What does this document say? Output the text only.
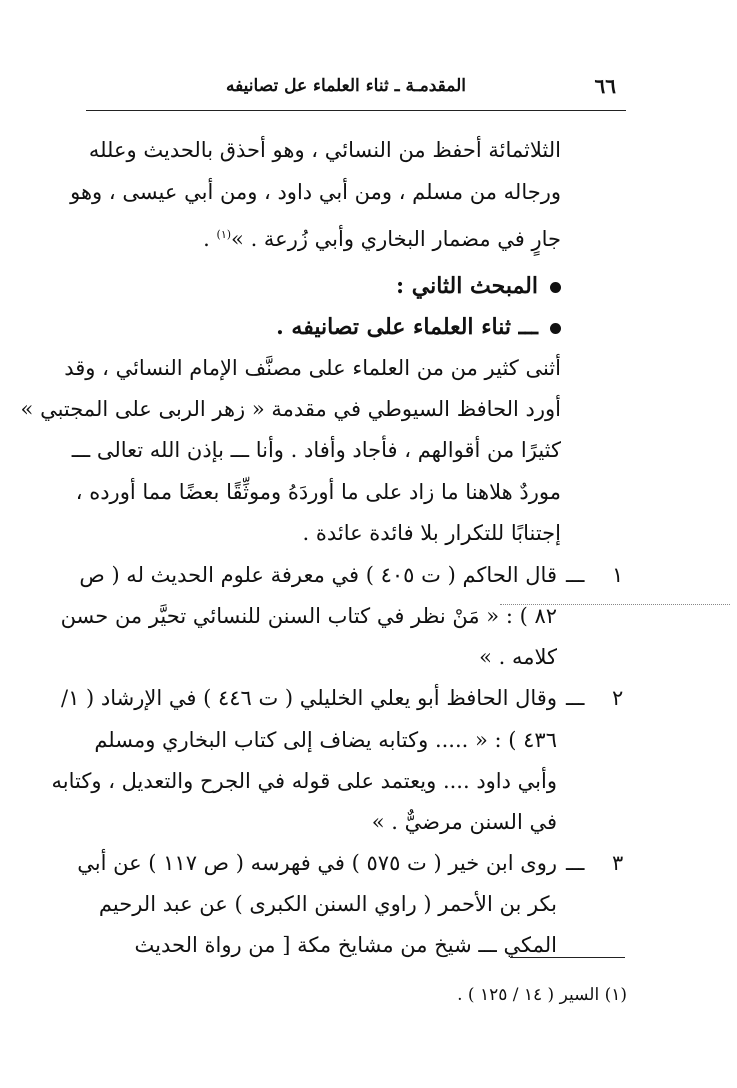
٦٦
المقدمـة ـ ثناء العلماء عل تصانيفه
الثلاثمائة أحفظ من النسائي ، وهو أحذق بالحديث وعلله
ورجاله من مسلم ، ومن أبي داود ، ومن أبي عيسى ، وهو
جارٍ في مضمار البخاري وأبي زُرعة . »$^{(١)}$ .
المبحث الثاني :
ـــ ثناء العلماء على تصانيفه .
أثنى كثير من من العلماء على مصنَّف الإمام النسائي ، وقد
أورد الحافظ السيوطي في مقدمة « زهر الربى على المجتبي »
كثيرًا من أقوالهم ، فأجاد وأفاد . وأنا ـــ بإذن الله تعالى ـــ
موردٌ هلاهنا ما زاد على ما أوردَهُ وموثِّقًا بعضًا مما أورده ،
إجتنابًا للتكرار بلا فائدة عائدة .
١
ـــ
قال الحاكم ( ت ٤٠٥ ) في معرفة علوم الحديث له ( ص
٨٢ ) : « مَنْ نظر في كتاب السنن للنسائي تحيَّر من حسن
كلامه . »
٢
ـــ
وقال الحافظ أبو يعلي الخليلي ( ت ٤٤٦ ) في الإرشاد ( ١/
٤٣٦ ) : « ..... وكتابه يضاف إلى كتاب البخاري ومسلم
وأبي داود .... ويعتمد على قوله في الجرح والتعديل ، وكتابه
في السنن مرضيٌّ . »
٣
ـــ
روى ابن خير ( ت ٥٧٥ ) في فهرسه ( ص ١١٧ ) عن أبي
بكر بن الأحمر ( راوي السنن الكبرى ) عن عبد الرحيم
المكي ـــ شيخ من مشايخ مكة [ من رواة الحديث
(١) السير ( ١٤ / ١٢٥ ) .
